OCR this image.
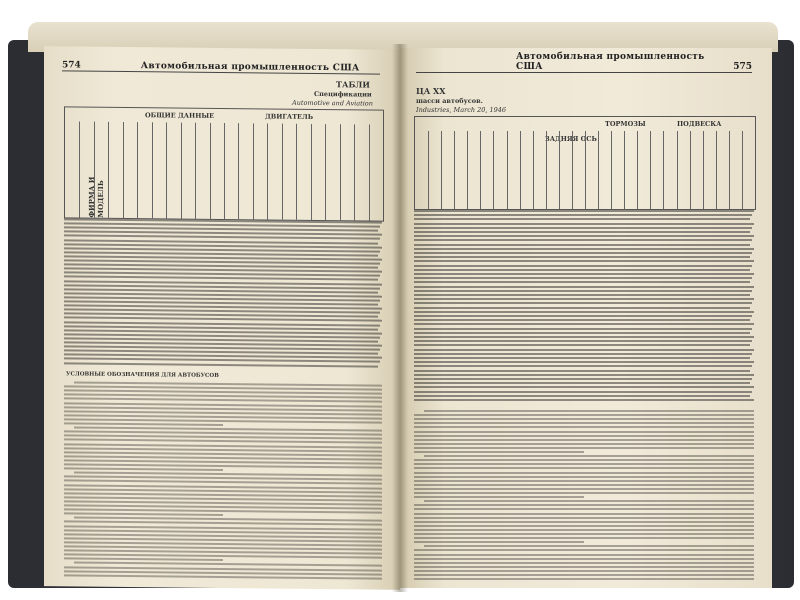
574	Автомобильная промышленность США
ТАБЛИ
Спецификации
Automotive and Aviation
ОБЩИЕ ДАННЫЕ	ДВИГАТЕЛЬ
ФИРМА И МОДЕЛЬ
УСЛОВНЫЕ ОБОЗНАЧЕНИЯ ДЛЯ АВТОБУСОВ
Автомобильная промышленность США	575
ЦА XX
шасси автобусов.
Industries, March 20, 1946
ТОРМОЗЫ	ПОДВЕСКА
ЗАДНЯЯ ОСЬ
